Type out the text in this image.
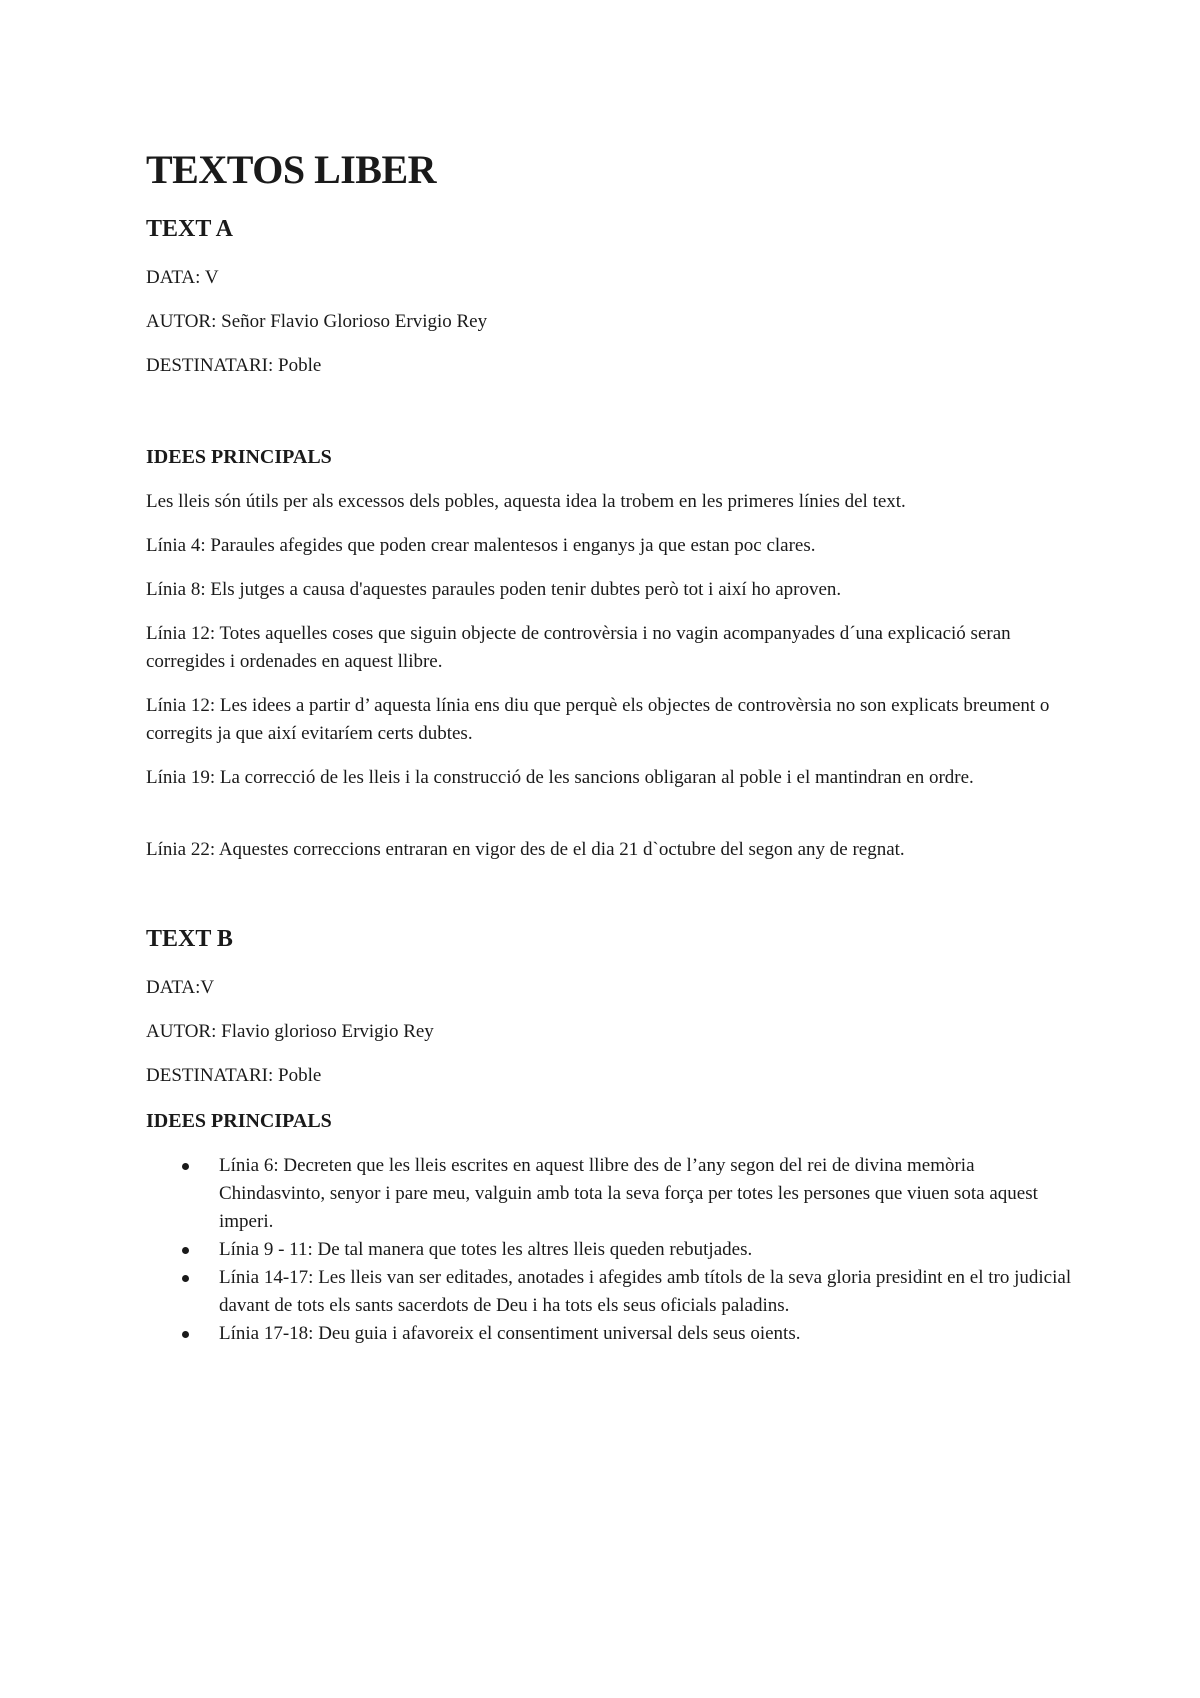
TEXTOS LIBER
TEXT A

DATA: V

AUTOR: Señor Flavio Glorioso Ervigio Rey

DESTINATARI: Poble

IDEES PRINCIPALS

Les lleis són útils per als excessos dels pobles, aquesta idea la trobem en les primeres línies del text.

Línia 4: Paraules afegides que poden crear malentesos i enganys ja que estan poc clares.

Línia 8: Els jutges a causa d'aquestes paraules poden tenir dubtes però tot i així ho aproven.

Línia 12: Totes aquelles coses que siguin objecte de controvèrsia i no vagin acompanyades d´una explicació seran corregides i ordenades en aquest llibre.

Línia 12: Les idees a partir d’ aquesta línia ens diu que perquè els objectes de controvèrsia no son explicats breument o corregits ja que així evitaríem certs dubtes.

Línia 19: La correcció de les lleis i la construcció de les sancions obligaran al poble i el mantindran en ordre.

Línia 22: Aquestes correccions entraran en vigor des de el dia 21 d`octubre del segon any de regnat.

TEXT B

DATA:V

AUTOR: Flavio glorioso Ervigio Rey

DESTINATARI: Poble

IDEES PRINCIPALS
Línia 6: Decreten que les lleis escrites en aquest llibre des de l’any segon del rei de divina memòria Chindasvinto, senyor i pare meu, valguin amb tota la seva força per totes les persones que viuen sota aquest imperi.
Línia 9 - 11: De tal manera que totes les altres lleis queden rebutjades.
Línia 14-17: Les lleis van ser editades, anotades i afegides amb títols de la seva gloria presidint en el tro judicial davant de tots els sants sacerdots de Deu i ha tots els seus oficials paladins.
Línia 17-18: Deu guia i afavoreix el consentiment universal dels seus oients.
